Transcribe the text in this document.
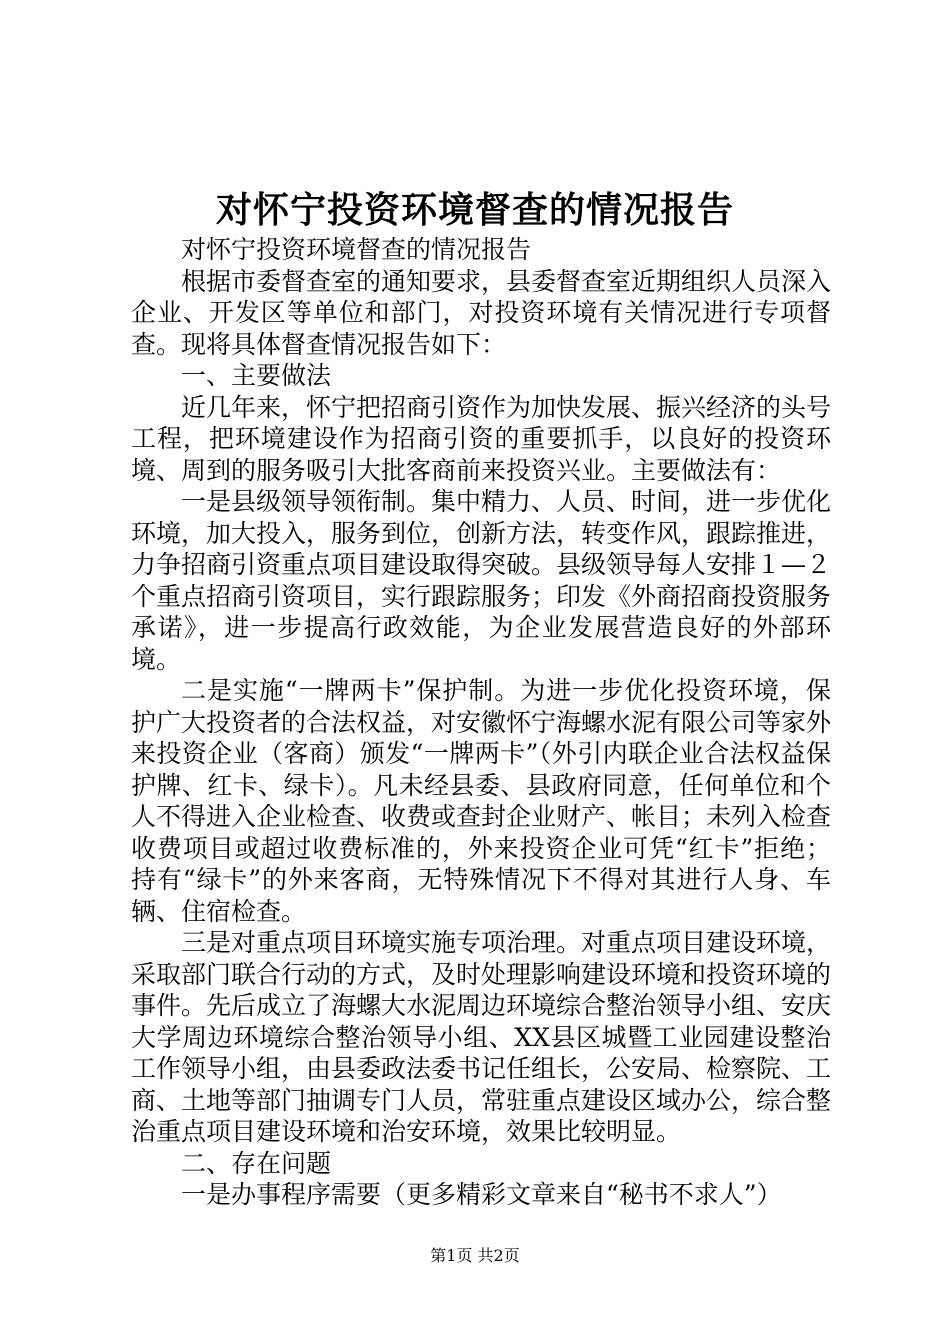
对怀宁投资环境督查的情况报告

对怀宁投资环境督查的情况报告

根据市委督查室的通知要求，县委督查室近期组织人员深入企业、开发区等单位和部门，对投资环境有关情况进行专项督查。现将具体督查情况报告如下：

一、主要做法

近几年来，怀宁把招商引资作为加快发展、振兴经济的头号工程，把环境建设作为招商引资的重要抓手，以良好的投资环境、周到的服务吸引大批客商前来投资兴业。主要做法有：

一是县级领导领衔制。集中精力、人员、时间，进一步优化环境，加大投入，服务到位，创新方法，转变作风，跟踪推进，力争招商引资重点项目建设取得突破。县级领导每人安排１—２个重点招商引资项目，实行跟踪服务；印发《外商招商投资服务承诺》，进一步提高行政效能，为企业发展营造良好的外部环境。

二是实施“一牌两卡”保护制。为进一步优化投资环境，保护广大投资者的合法权益，对安徽怀宁海螺水泥有限公司等家外来投资企业（客商）颁发“一牌两卡”（外引内联企业合法权益保护牌、红卡、绿卡）。凡未经县委、县政府同意，任何单位和个人不得进入企业检查、收费或查封企业财产、帐目；未列入检查收费项目或超过收费标准的，外来投资企业可凭“红卡”拒绝；持有“绿卡”的外来客商，无特殊情况下不得对其进行人身、车辆、住宿检查。

三是对重点项目环境实施专项治理。对重点项目建设环境，采取部门联合行动的方式，及时处理影响建设环境和投资环境的事件。先后成立了海螺大水泥周边环境综合整治领导小组、安庆大学周边环境综合整治领导小组、XX县区城暨工业园建设整治工作领导小组，由县委政法委书记任组长，公安局、检察院、工商、土地等部门抽调专门人员，常驻重点建设区域办公，综合整治重点项目建设环境和治安环境，效果比较明显。

二、存在问题

一是办事程序需要（更多精彩文章来自“秘书不求人”）

第1页 共2页
